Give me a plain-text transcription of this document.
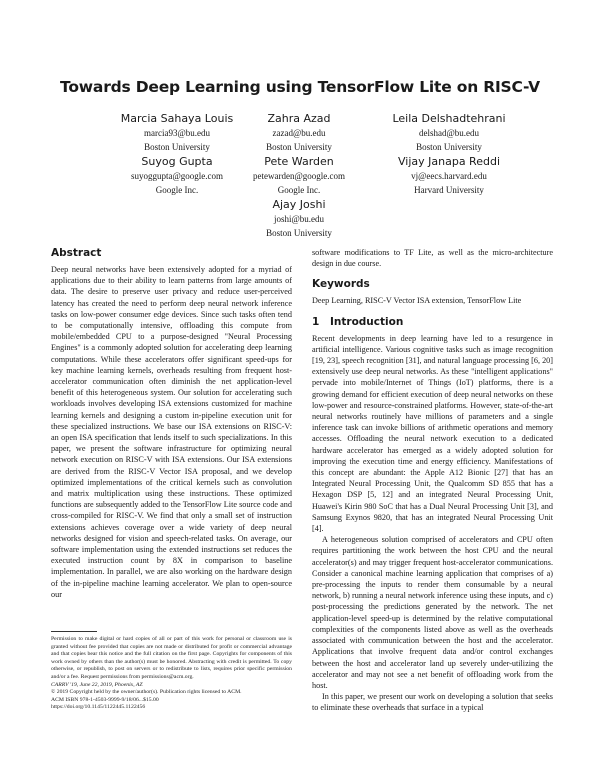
Towards Deep Learning using TensorFlow Lite on RISC-V
Marcia Sahaya Louis
marcia93@bu.edu
Boston University
Zahra Azad
zazad@bu.edu
Boston University
Leila Delshadtehrani
delshad@bu.edu
Boston University
Suyog Gupta
suyoggupta@google.com
Google Inc.
Pete Warden
petewarden@google.com
Google Inc.
Vijay Janapa Reddi
vj@eecs.harvard.edu
Harvard University
Ajay Joshi
joshi@bu.edu
Boston University
Abstract

Deep neural networks have been extensively adopted for a myriad of applications due to their ability to learn patterns from large amounts of data. The desire to preserve user privacy and reduce user-perceived latency has created the need to perform deep neural network inference tasks on low-power consumer edge devices. Since such tasks often tend to be computationally intensive, offloading this compute from mobile/embedded CPU to a purpose-designed "Neural Processing Engines" is a commonly adopted solution for accelerating deep learning computations. While these accelerators offer significant speed-ups for key machine learning kernels, overheads resulting from frequent host-accelerator communication often diminish the net application-level benefit of this heterogeneous system. Our solution for accelerating such workloads involves developing ISA extensions customized for machine learning kernels and designing a custom in-pipeline execution unit for these specialized instructions. We base our ISA extensions on RISC-V: an open ISA specification that lends itself to such specializations. In this paper, we present the software infrastructure for optimizing neural network execution on RISC-V with ISA extensions. Our ISA extensions are derived from the RISC-V Vector ISA proposal, and we develop optimized implementations of the critical kernels such as convolution and matrix multiplication using these instructions. These optimized functions are subsequently added to the TensorFlow Lite source code and cross-compiled for RISC-V. We find that only a small set of instruction extensions achieves coverage over a wide variety of deep neural networks designed for vision and speech-related tasks. On average, our software implementation using the extended instructions set reduces the executed instruction count by 8X in comparison to baseline implementation. In parallel, we are also working on the hardware design of the in-pipeline machine learning accelerator. We plan to open-source our

Permission to make digital or hard copies of all or part of this work for personal or classroom use is granted without fee provided that copies are not made or distributed for profit or commercial advantage and that copies bear this notice and the full citation on the first page. Copyrights for components of this work owned by others than the author(s) must be honored. Abstracting with credit is permitted. To copy otherwise, or republish, to post on servers or to redistribute to lists, requires prior specific permission and/or a fee. Request permissions from permissions@acm.org.

CARRV '19, June 22, 2019, Phoenix, AZ

© 2019 Copyright held by the owner/author(s). Publication rights licensed to ACM.

ACM ISBN 978-1-4503-9999-9/18/06...$15.00

https://doi.org/10.1145/1122445.1122456

software modifications to TF Lite, as well as the micro-architecture design in due course.

Keywords

Deep Learning, RISC-V Vector ISA extension, TensorFlow Lite

1 Introduction

Recent developments in deep learning have led to a resurgence in artificial intelligence. Various cognitive tasks such as image recognition [19, 23], speech recognition [31], and natural language processing [6, 20] extensively use deep neural networks. As these "intelligent applications" pervade into mobile/Internet of Things (IoT) platforms, there is a growing demand for efficient execution of deep neural networks on these low-power and resource-constrained platforms. However, state-of-the-art neural networks routinely have millions of parameters and a single inference task can invoke billions of arithmetic operations and memory accesses. Offloading the neural network execution to a dedicated hardware accelerator has emerged as a widely adopted solution for improving the execution time and energy efficiency. Manifestations of this concept are abundant: the Apple A12 Bionic [27] that has an Integrated Neural Processing Unit, the Qualcomm SD 855 that has a Hexagon DSP [5, 12] and an integrated Neural Processing Unit, Huawei's Kirin 980 SoC that has a Dual Neural Processing Unit [3], and Samsung Exynos 9820, that has an integrated Neural Processing Unit [4].

A heterogeneous solution comprised of accelerators and CPU often requires partitioning the work between the host CPU and the neural accelerator(s) and may trigger frequent host-accelerator communications. Consider a canonical machine learning application that comprises of a) pre-processing the inputs to render them consumable by a neural network, b) running a neural network inference using these inputs, and c) post-processing the predictions generated by the network. The net application-level speed-up is determined by the relative computational complexities of the components listed above as well as the overheads associated with communication between the host and the accelerator. Applications that involve frequent data and/or control exchanges between the host and accelerator land up severely under-utilizing the accelerator and may not see a net benefit of offloading work from the host.

In this paper, we present our work on developing a solution that seeks to eliminate these overheads that surface in a typical
